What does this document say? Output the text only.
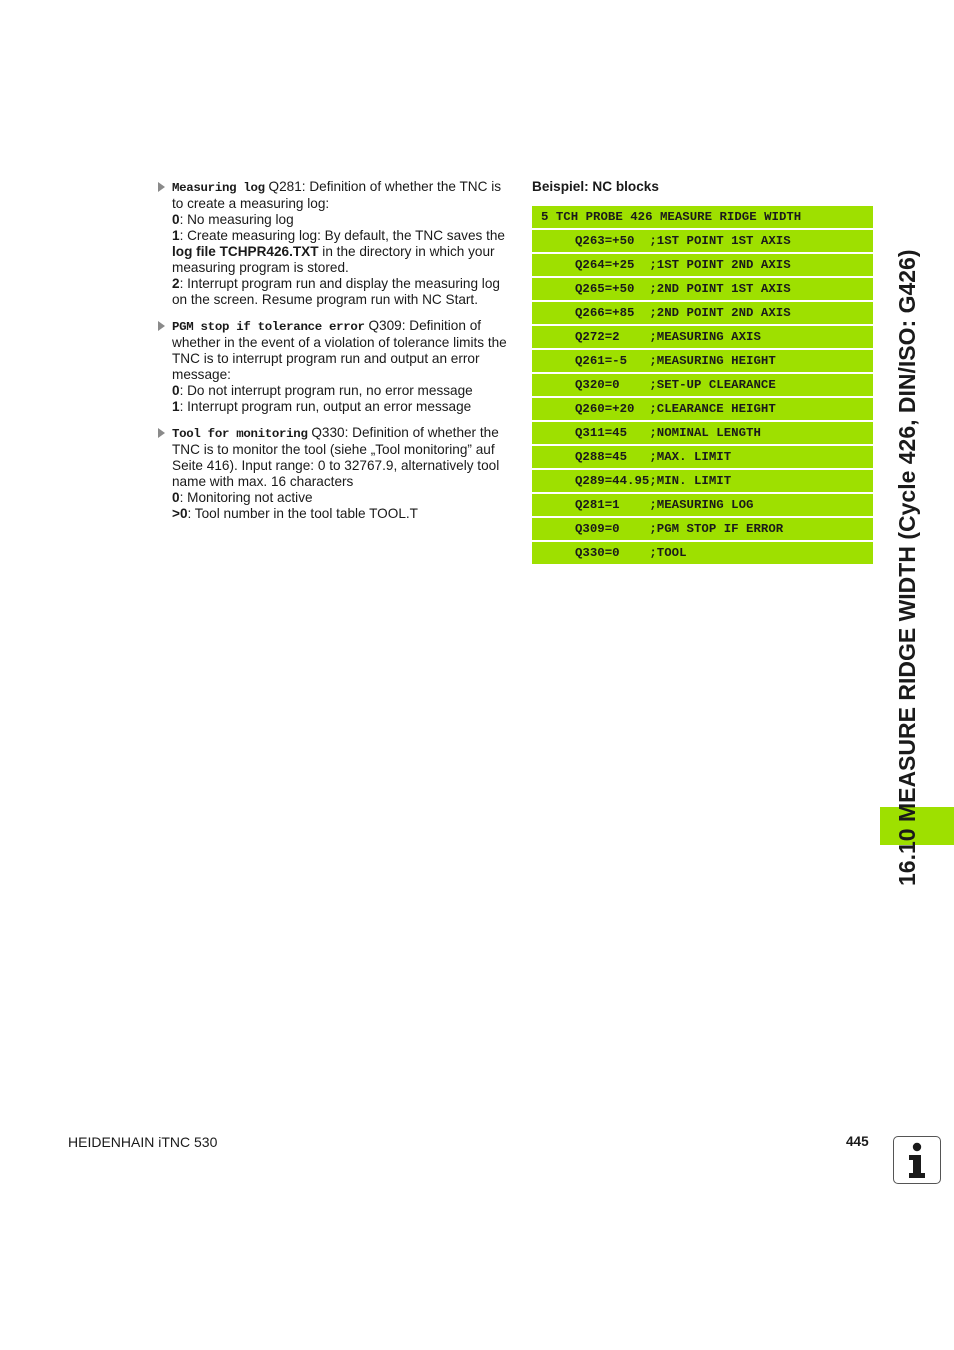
Measuring log Q281: Definition of whether the TNC is to create a measuring log:
0: No measuring log
1: Create measuring log: By default, the TNC saves the log file TCHPR426.TXT in the directory in which your measuring program is stored.
2: Interrupt program run and display the measuring log on the screen. Resume program run with NC Start.
PGM stop if tolerance error Q309: Definition of whether in the event of a violation of tolerance limits the TNC is to interrupt program run and output an error message:
0: Do not interrupt program run, no error message
1: Interrupt program run, output an error message
Tool for monitoring Q330: Definition of whether the TNC is to monitor the tool (siehe „Tool monitoring” auf Seite 416). Input range: 0 to 32767.9, alternatively tool name with max. 16 characters
0: Monitoring not active
>0: Tool number in the tool table TOOL.T
Beispiel: NC blocks
5 TCH PROBE 426 MEASURE RIDGE WIDTH
Q263=+50  ;1ST POINT 1ST AXIS
Q264=+25  ;1ST POINT 2ND AXIS
Q265=+50  ;2ND POINT 1ST AXIS
Q266=+85  ;2ND POINT 2ND AXIS
Q272=2    ;MEASURING AXIS
Q261=-5   ;MEASURING HEIGHT
Q320=0    ;SET-UP CLEARANCE
Q260=+20  ;CLEARANCE HEIGHT
Q311=45   ;NOMINAL LENGTH
Q288=45   ;MAX. LIMIT
Q289=44.95;MIN. LIMIT
Q281=1    ;MEASURING LOG
Q309=0    ;PGM STOP IF ERROR
Q330=0    ;TOOL	16.10 MEASURE RIDGE WIDTH (Cycle 426, DIN/ISO: G426)
HEIDENHAIN iTNC 530	445
